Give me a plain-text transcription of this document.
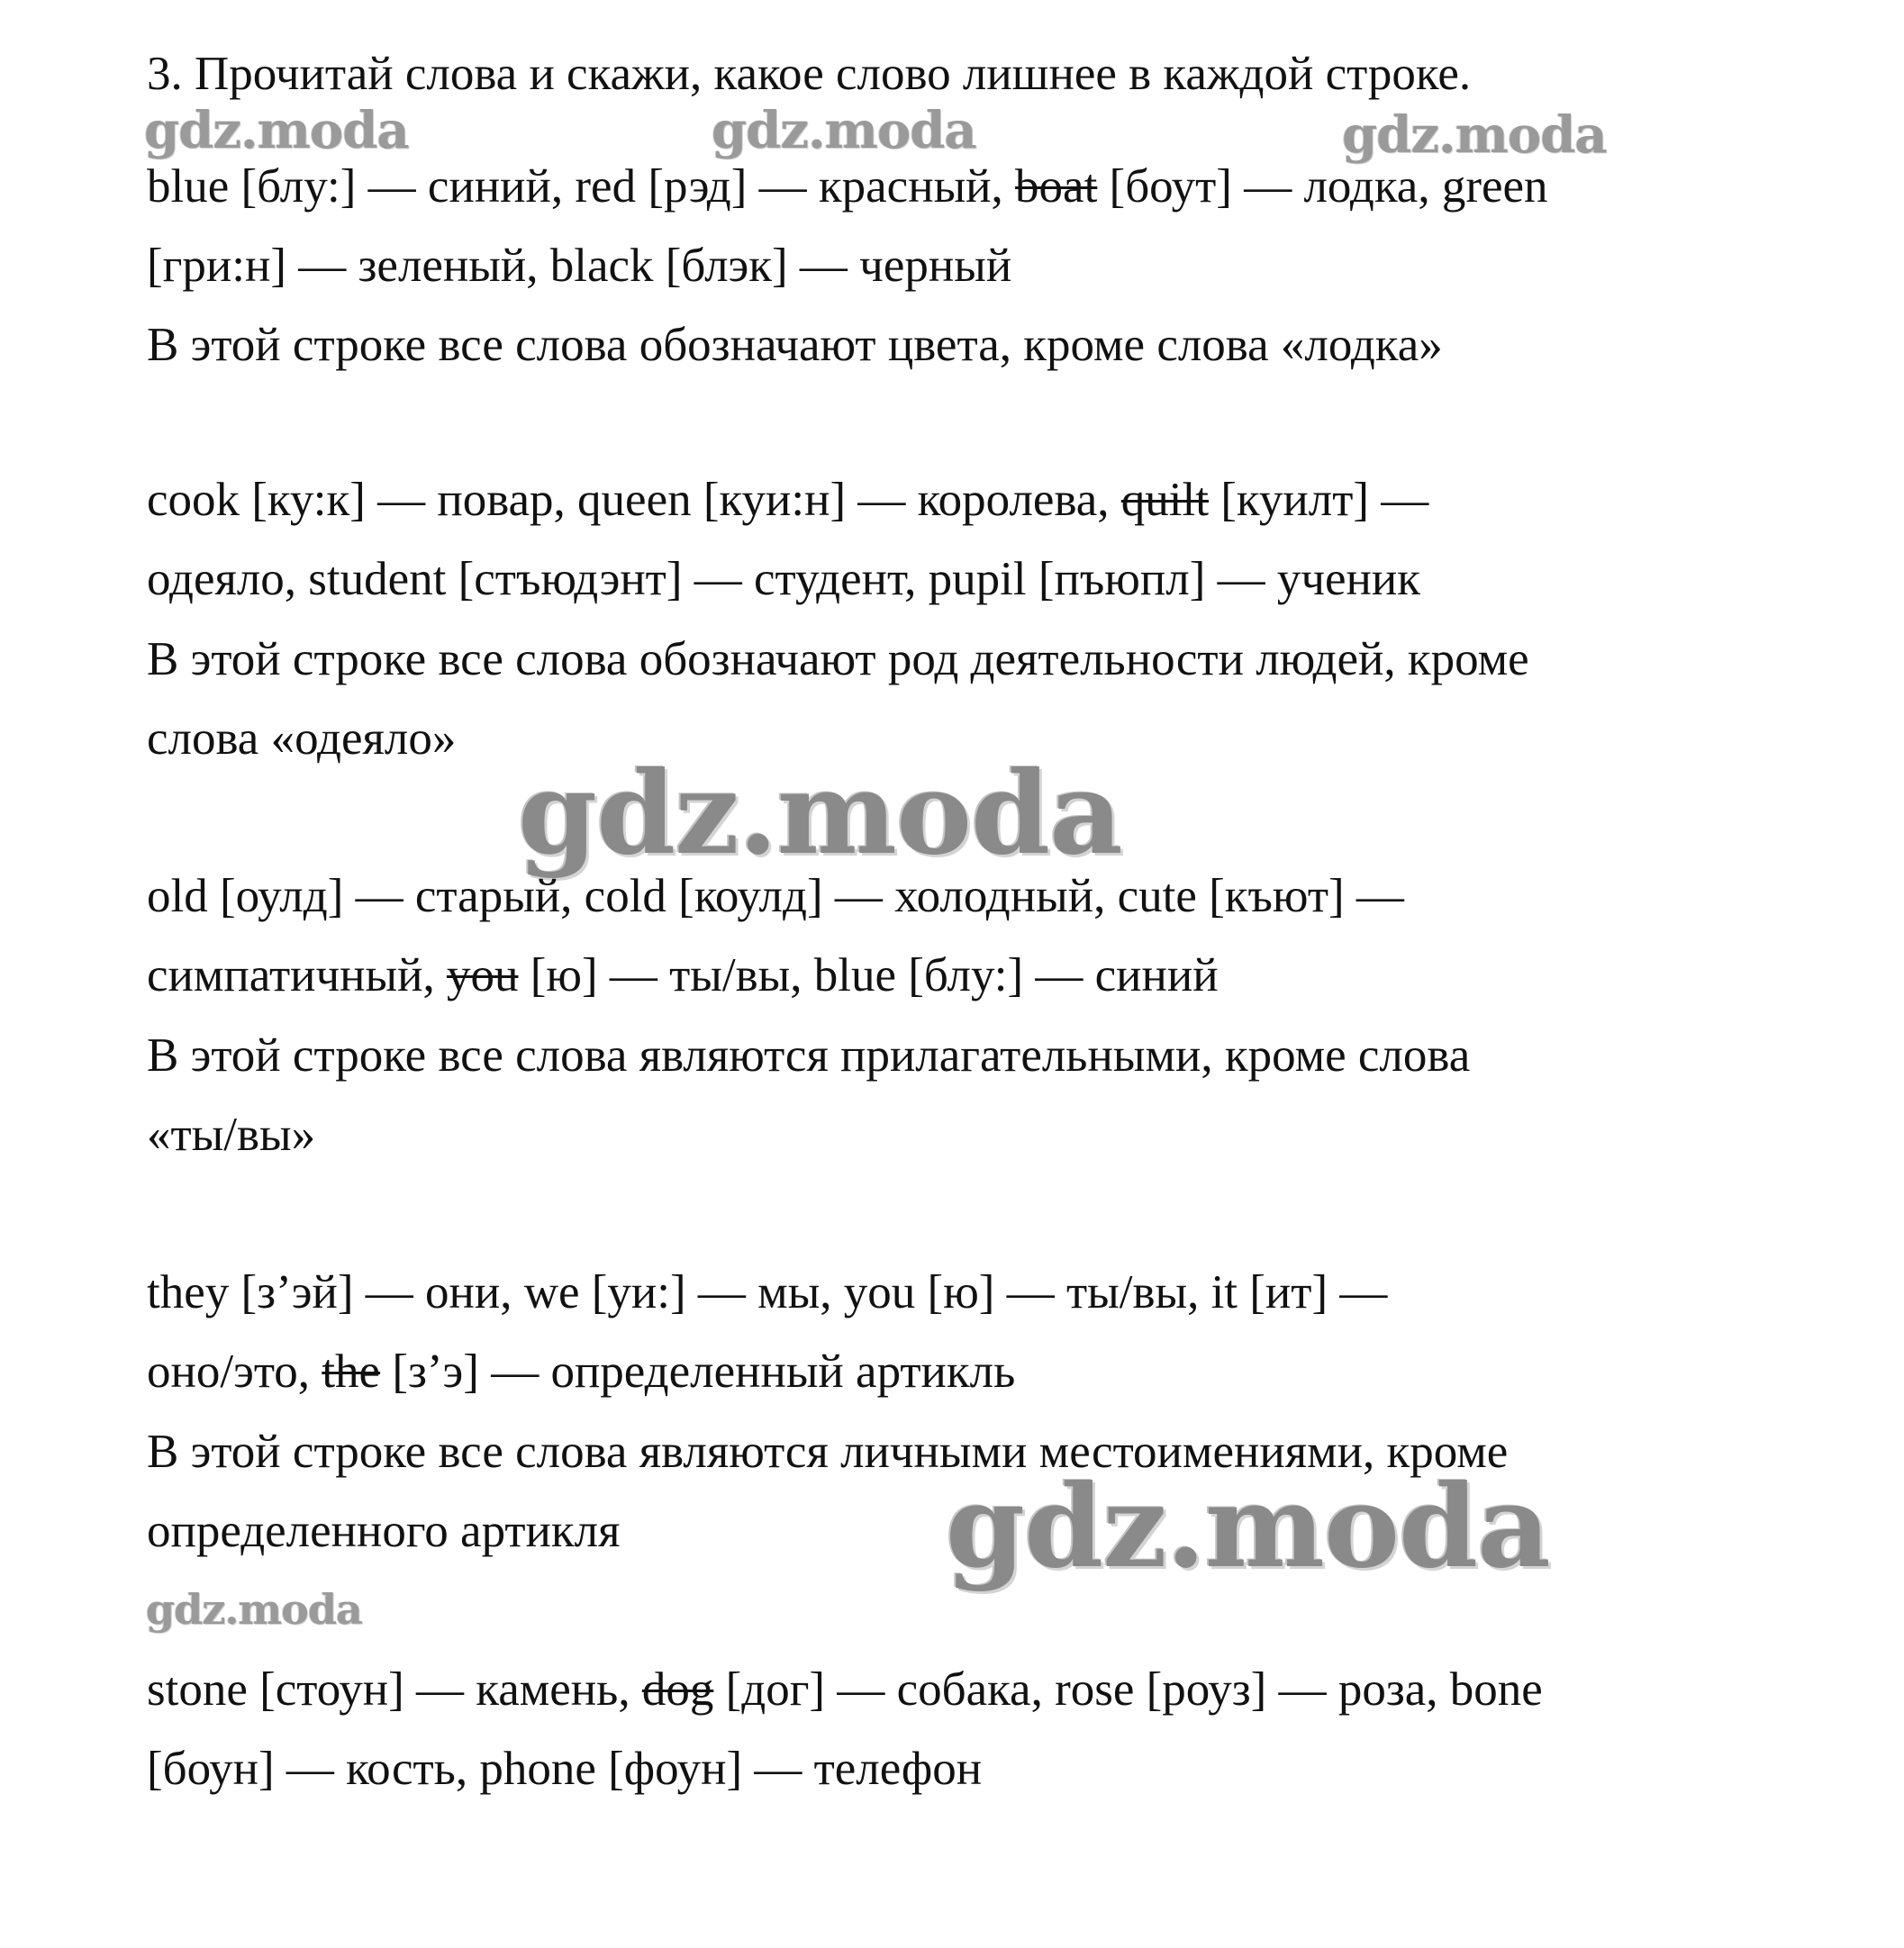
3. Прочитай слова и скажи, какое слово лишнее в каждой строке.
gdz.moda	gdz.moda	gdz.moda
blue [блу:] — синий, red [рэд] — красный, boat [боут] — лодка, green
[гри:н] — зеленый, black [блэк] — черный
В этой строке все слова обозначают цвета, кроме слова «лодка»
cook [ку:к] — повар, queen [куи:н] — королева, quilt [куилт] —
одеяло, student [стъюдэнт] — студент, pupil [пъюпл] — ученик
В этой строке все слова обозначают род деятельности людей, кроме
слова «одеяло»
gdz.moda
old [оулд] — старый, cold [коулд] — холодный, cute [къют] —
симпатичный, you [ю] — ты/вы, blue [блу:] — синий
В этой строке все слова являются прилагательными, кроме слова
«ты/вы»
they [з’эй] — они, we [уи:] — мы, you [ю] — ты/вы, it [ит] —
оно/это, the [з’э] — определенный артикль
В этой строке все слова являются личными местоимениями, кроме
определенного артикля	gdz.moda
gdz.moda
stone [стоун] — камень, dog [дог] — собака, rose [роуз] — роза, bone
[боун] — кость, phone [фоун] — телефон
